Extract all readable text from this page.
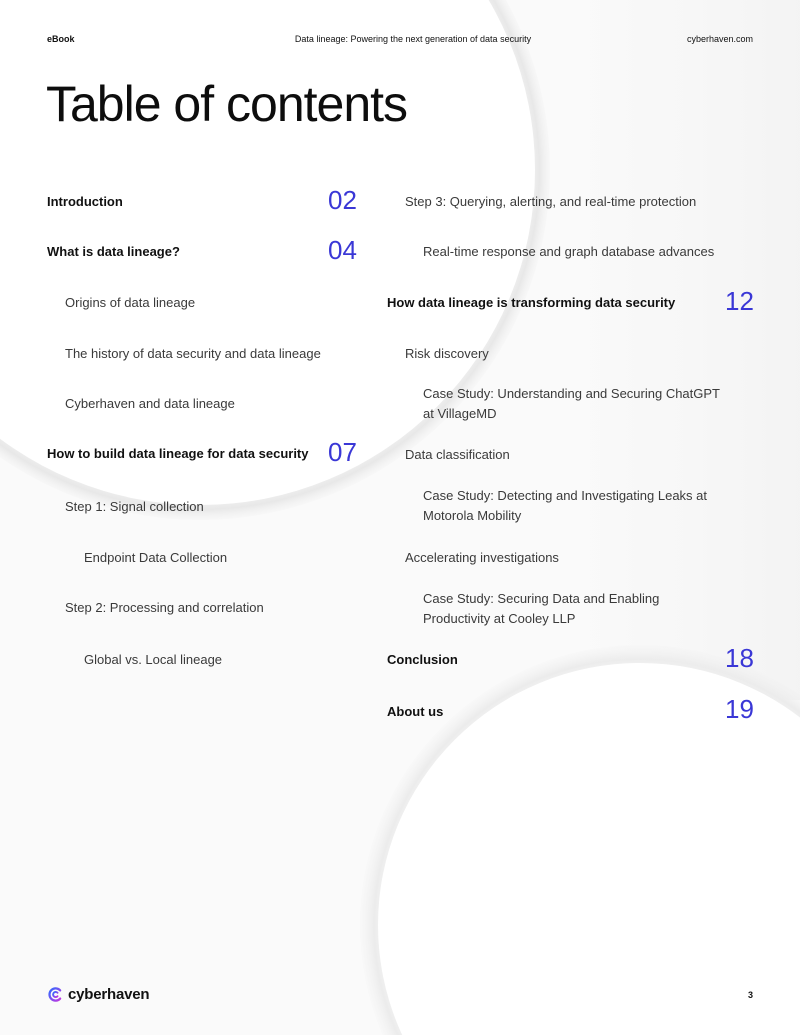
eBook	Data lineage: Powering the next generation of data security	cyberhaven.com
Table of contents
Introduction	02
What is data lineage?	04
Origins of data lineage
The history of data security and data lineage
Cyberhaven and data lineage
How to build data lineage for data security 07
Step 1: Signal collection
Endpoint Data Collection
Step 2: Processing and correlation
Global vs. Local lineage
Step 3: Querying, alerting, and real-time protection
Real-time response and graph database advances
How data lineage is transforming data security 12
Risk discovery
Case Study: Understanding and Securing ChatGPT
at VillageMD
Data classification
Case Study: Detecting and Investigating Leaks at
Motorola Mobility
Accelerating investigations
Case Study: Securing Data and Enabling
Productivity at Cooley LLP
Conclusion	18
About us	19
cyberhaven	3
